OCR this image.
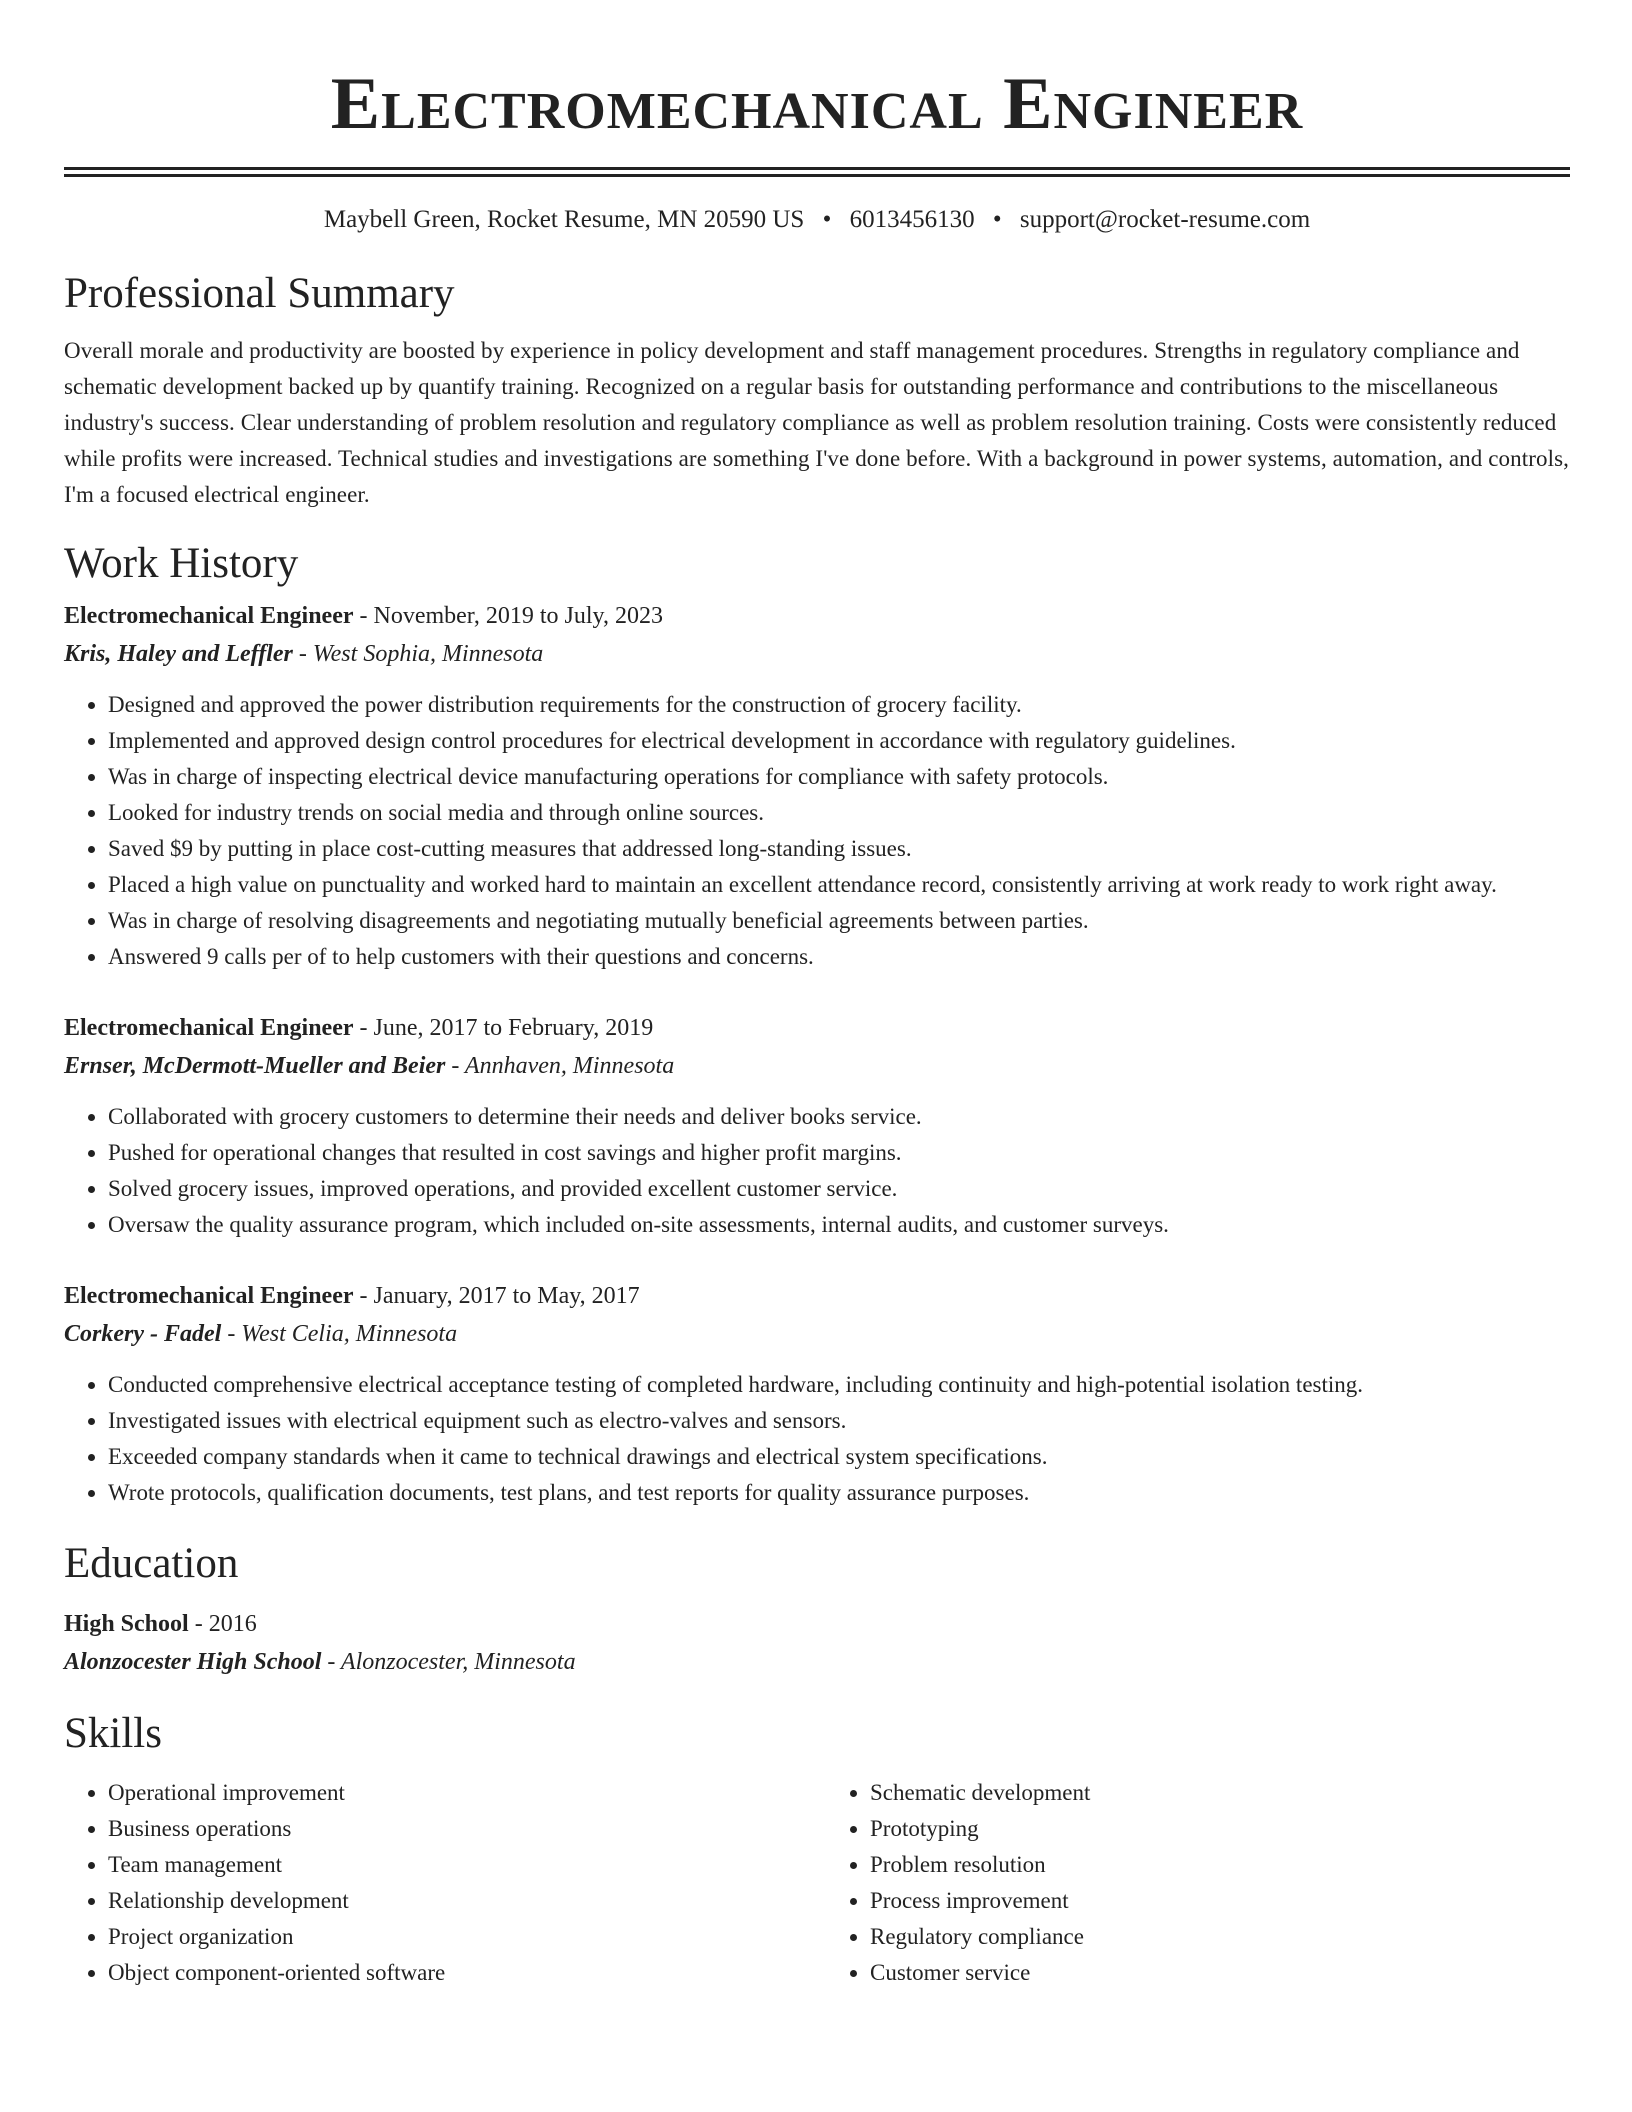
Electromechanical Engineer
Maybell Green, Rocket Resume, MN 20590 US • 6013456130 • support@rocket-resume.com
Professional Summary
Overall morale and productivity are boosted by experience in policy development and staff management procedures. Strengths in regulatory compliance and schematic development backed up by quantify training. Recognized on a regular basis for outstanding performance and contributions to the miscellaneous industry's success. Clear understanding of problem resolution and regulatory compliance as well as problem resolution training. Costs were consistently reduced while profits were increased. Technical studies and investigations are something I've done before. With a background in power systems, automation, and controls, I'm a focused electrical engineer.
Work History
Electromechanical Engineer - November, 2019 to July, 2023
Kris, Haley and Leffler - West Sophia, Minnesota
• Designed and approved the power distribution requirements for the construction of grocery facility.
• Implemented and approved design control procedures for electrical development in accordance with regulatory guidelines.
• Was in charge of inspecting electrical device manufacturing operations for compliance with safety protocols.
• Looked for industry trends on social media and through online sources.
• Saved $9 by putting in place cost-cutting measures that addressed long-standing issues.
• Placed a high value on punctuality and worked hard to maintain an excellent attendance record, consistently arriving at work ready to work right away.
• Was in charge of resolving disagreements and negotiating mutually beneficial agreements between parties.
• Answered 9 calls per of to help customers with their questions and concerns.
Electromechanical Engineer - June, 2017 to February, 2019
Ernser, McDermott-Mueller and Beier - Annhaven, Minnesota
• Collaborated with grocery customers to determine their needs and deliver books service.
• Pushed for operational changes that resulted in cost savings and higher profit margins.
• Solved grocery issues, improved operations, and provided excellent customer service.
• Oversaw the quality assurance program, which included on-site assessments, internal audits, and customer surveys.
Electromechanical Engineer - January, 2017 to May, 2017
Corkery - Fadel - West Celia, Minnesota
• Conducted comprehensive electrical acceptance testing of completed hardware, including continuity and high-potential isolation testing.
• Investigated issues with electrical equipment such as electro-valves and sensors.
• Exceeded company standards when it came to technical drawings and electrical system specifications.
• Wrote protocols, qualification documents, test plans, and test reports for quality assurance purposes.
Education
High School - 2016
Alonzocester High School - Alonzocester, Minnesota
Skills
• Operational improvement
• Business operations
• Team management
• Relationship development
• Project organization
• Object component-oriented software
• Schematic development
• Prototyping
• Problem resolution
• Process improvement
• Regulatory compliance
• Customer service
